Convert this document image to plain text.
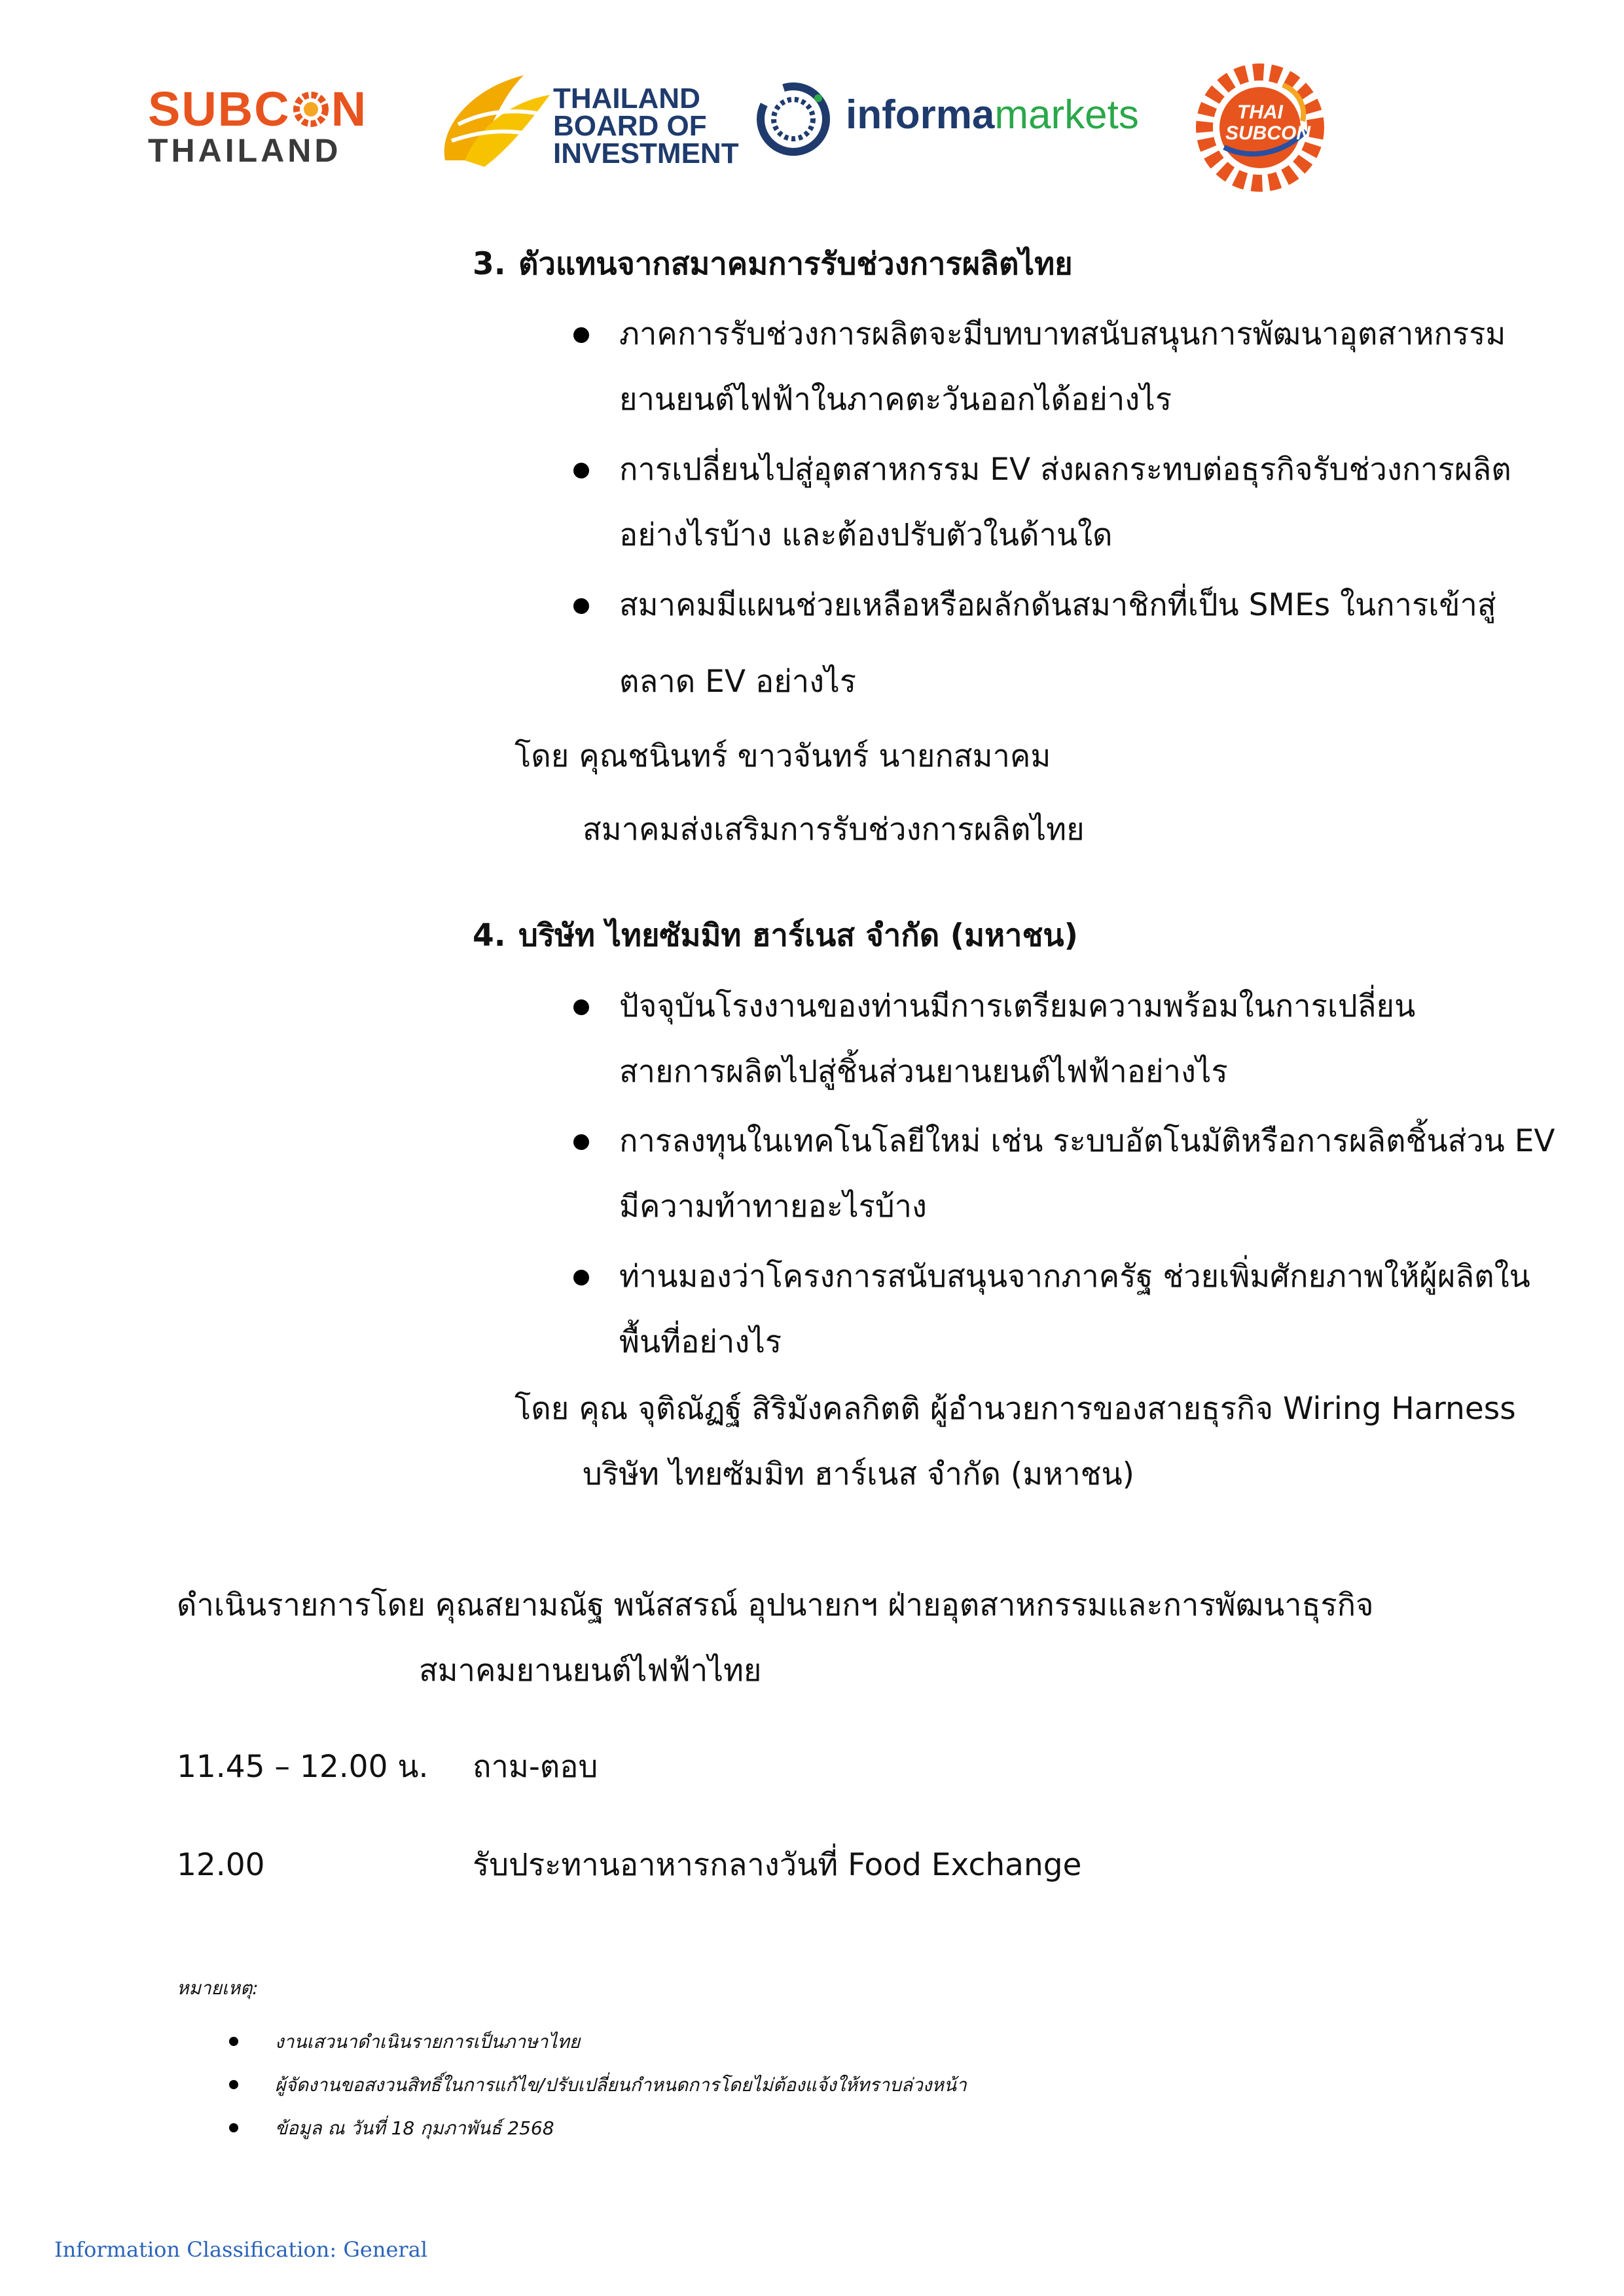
SUBC N
THAILAND
THAILAND
BOARD OF
INVESTMENT
informamarkets	THAI
SUBCON
3. ตัวแทนจากสมาคมการรับช่วงการผลิตไทย
ภาคการรับช่วงการผลิตจะมีบทบาทสนับสนุนการพัฒนาอุตสาหกรรม
ยานยนต์ไฟฟ้าในภาคตะวันออกได้อย่างไร
การเปลี่ยนไปสู่อุตสาหกรรม EV ส่งผลกระทบต่อธุรกิจรับช่วงการผลิต
อย่างไรบ้าง และต้องปรับตัวในด้านใด
สมาคมมีแผนช่วยเหลือหรือผลักดันสมาชิกที่เป็น SMEs ในการเข้าสู่
ตลาด EV อย่างไร
โดย คุณชนินทร์ ขาวจันทร์ นายกสมาคม
สมาคมส่งเสริมการรับช่วงการผลิตไทย
4. บริษัท ไทยซัมมิท ฮาร์เนส จำกัด (มหาชน)
ปัจจุบันโรงงานของท่านมีการเตรียมความพร้อมในการเปลี่ยน
สายการผลิตไปสู่ชิ้นส่วนยานยนต์ไฟฟ้าอย่างไร
การลงทุนในเทคโนโลยีใหม่ เช่น ระบบอัตโนมัติหรือการผลิตชิ้นส่วน EV
มีความท้าทายอะไรบ้าง
ท่านมองว่าโครงการสนับสนุนจากภาครัฐ ช่วยเพิ่มศักยภาพให้ผู้ผลิตใน
พื้นที่อย่างไร
โดย คุณ จุติณัฏฐ์ สิริมังคลกิตติ ผู้อำนวยการของสายธุรกิจ Wiring Harness
บริษัท ไทยซัมมิท ฮาร์เนส จำกัด (มหาชน)
ดำเนินรายการโดย คุณสยามณัฐ พนัสสรณ์ อุปนายกฯ ฝ่ายอุตสาหกรรมและการพัฒนาธุรกิจ
สมาคมยานยนต์ไฟฟ้าไทย
11.45 – 12.00 น. ถาม-ตอบ
12.00	รับประทานอาหารกลางวันที่ Food Exchange
หมายเหตุ:
งานเสวนาดำเนินรายการเป็นภาษาไทย
ผู้จัดงานขอสงวนสิทธิ์ในการแก้ไข/ปรับเปลี่ยนกำหนดการโดยไม่ต้องแจ้งให้ทราบล่วงหน้า
ข้อมูล ณ วันที่ 18 กุมภาพันธ์ 2568
Information Classification: General
